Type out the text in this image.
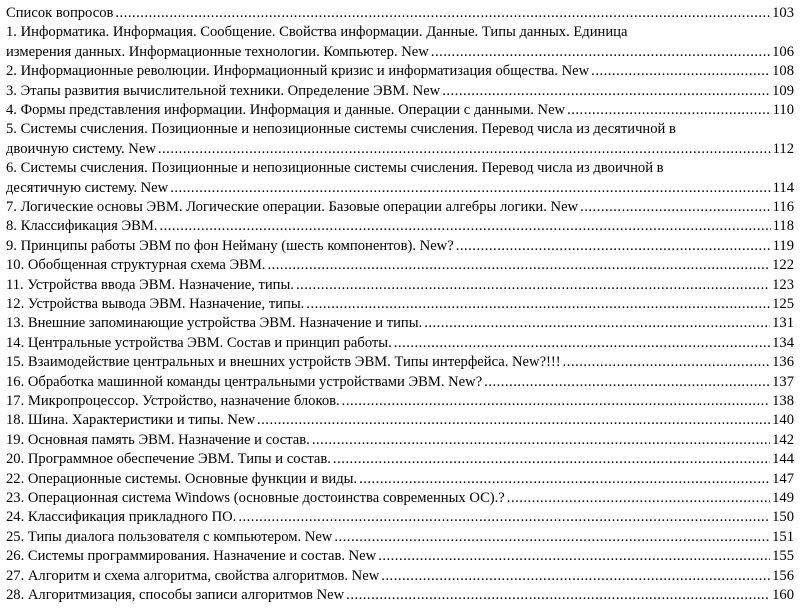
Список вопросов .....	103
1. Информатика. Информация. Сообщение. Свойства информации. Данные. Типы данных. Единица
измерения данных. Информационные технологии. Компьютер. New .....	106
2. Информационные революции. Информационный кризис и информатизация общества. New .....	108
3. Этапы развития вычислительной техники. Определение ЭВМ. New .....	109
4. Формы представления информации. Информация и данные. Операции с данными. New .....	110
5. Системы счисления. Позиционные и непозиционные системы счисления. Перевод числа из десятичной в
двоичную систему. New .....	112
6. Системы счисления. Позиционные и непозиционные системы счисления. Перевод числа из двоичной в
десятичную систему. New .....	114
7. Логические основы ЭВМ. Логические операции. Базовые операции алгебры логики. New .....	116
8. Классификация ЭВМ. .....	118
9. Принципы работы ЭВМ по фон Нейману (шесть компонентов). New? .....	119
10. Обобщенная структурная схема ЭВМ. .....	122
11. Устройства ввода ЭВМ. Назначение, типы. .....	123
12. Устройства вывода ЭВМ. Назначение, типы. .....	125
13. Внешние запоминающие устройства ЭВМ. Назначение и типы. .....	131
14. Центральные устройства ЭВМ. Состав и принцип работы. .....	134
15. Взаимодействие центральных и внешних устройств ЭВМ. Типы интерфейса. New?!!! .....	136
16. Обработка машинной команды центральными устройствами ЭВМ. New? .....	137
17. Микропроцессор. Устройство, назначение блоков. .....	138
18. Шина. Характеристики и типы. New .....	140
19. Основная память ЭВМ. Назначение и состав. .....	142
20. Программное обеспечение ЭВМ. Типы и состав. .....	144
22. Операционные системы. Основные функции и виды. .....	147
23. Операционная система Windows (основные достоинства современных ОС).? .....	149
24. Классификация прикладного ПО. .....	150
25. Типы диалога пользователя с компьютером. New .....	151
26. Системы программирования. Назначение и состав. New .....	155
27. Алгоритм и схема алгоритма, свойства алгоритмов. New .....	156
28. Алгоритмизация, способы записи алгоритмов New .....	160
